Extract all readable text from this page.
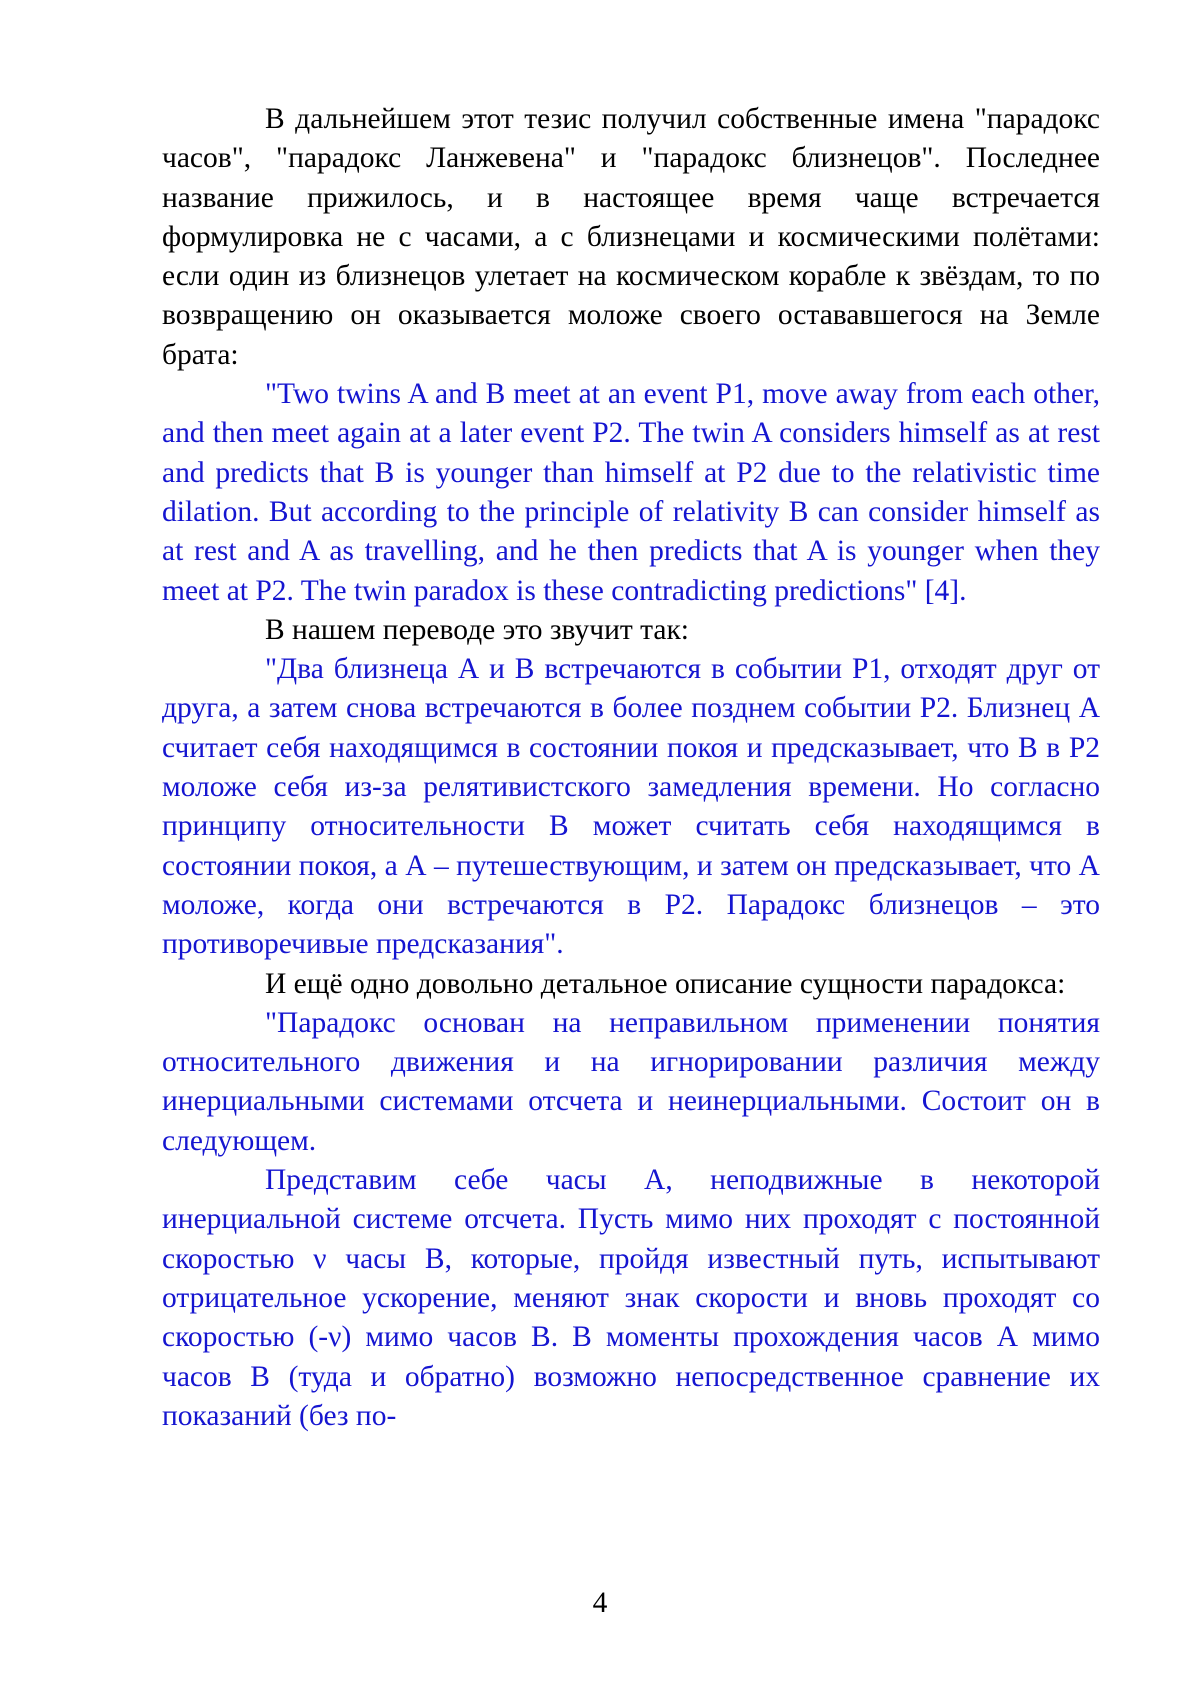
В дальнейшем этот тезис получил собственные имена "парадокс часов", "парадокс Ланжевена" и "парадокс близнецов". Последнее название прижилось, и в настоящее время чаще встречается формулировка не с часами, а с близнецами и космическими полётами: если один из близнецов улетает на космическом корабле к звёздам, то по возвращению он оказывается моложе своего остававшегося на Земле брата:

"Two twins A and B meet at an event P1, move away from each other, and then meet again at a later event P2. The twin A considers himself as at rest and predicts that B is younger than himself at P2 due to the relativistic time dilation. But according to the principle of relativity B can consider himself as at rest and A as travelling, and he then predicts that A is younger when they meet at P2. The twin paradox is these contradicting predictions" [4].

В нашем переводе это звучит так:

"Два близнеца А и В встречаются в событии Р1, отходят друг от друга, а затем снова встречаются в более позднем событии Р2. Близнец А считает себя находящимся в состоянии покоя и предсказывает, что В в Р2 моложе себя из-за релятивистского замедления времени. Но согласно принципу относительности В может считать себя находящимся в состоянии покоя, а А – путешествующим, и затем он предсказывает, что А моложе, когда они встречаются в Р2. Парадокс близнецов – это противоречивые предсказания".

И ещё одно довольно детальное описание сущности парадокса:

"Парадокс основан на неправильном применении понятия относительного движения и на игнорировании различия между инерциальными системами отсчета и неинерциальными. Состоит он в следующем.

Представим себе часы А, неподвижные в некоторой инерциальной системе отсчета. Пусть мимо них проходят с постоянной скоростью ν часы В, которые, пройдя известный путь, испытывают отрицательное ускорение, меняют знак скорости и вновь проходят со скоростью (-ν) мимо часов В. В моменты прохождения часов А мимо часов В (туда и обратно) возможно непосредственное сравнение их показаний (без по-

4
